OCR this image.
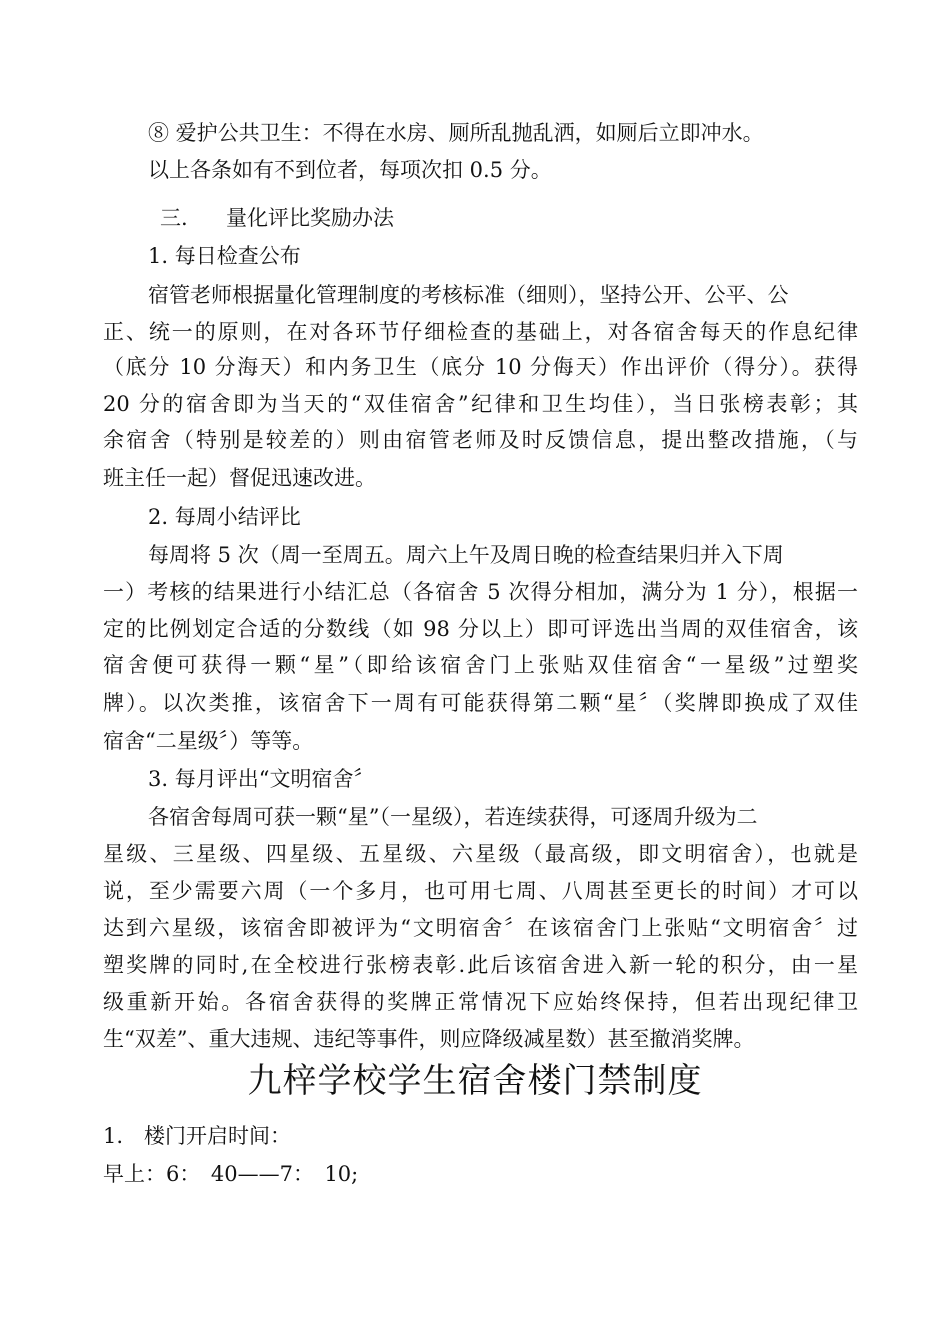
⑧ 爱护公共卫生：不得在水房、厕所乱抛乱洒，如厕后立即冲水。
以上各条如有不到位者，每项次扣 0.5 分。
三. 量化评比奖励办法
1. 每日检查公布
宿管老师根据量化管理制度的考核标准（细则），坚持公开、公平、公
正、统一的原则，在对各环节仔细检查的基础上，对各宿舍每天的作息纪律
（底分 10 分海天）和内务卫生（底分 10 分侮天）作出评价（得分）。获得
20 分的宿舍即为当天的“双佳宿舍”纪律和卫生均佳），当日张榜表彰；其
余宿舍（特别是较差的）则由宿管老师及时反馈信息，提出整改措施，（与
班主任一起）督促迅速改进。
2. 每周小结评比
每周将 5 次（周一至周五。周六上午及周日晚的检查结果归并入下周
一）考核的结果进行小结汇总（各宿舍 5 次得分相加，满分为 1 分），根据一
定的比例划定合适的分数线（如 98 分以上）即可评选出当周的双佳宿舍，该
宿舍便可获得一颗“星”（即给该宿舍门上张贴双佳宿舍“一星级”过塑奖
牌）。以次类推，该宿舍下一周有可能获得第二颗“星〞（奖牌即换成了双佳
宿舍“二星级〞）等等。
3. 每月评出“文明宿舍〞
各宿舍每周可获一颗“星”（一星级），若连续获得，可逐周升级为二
星级、三星级、四星级、五星级、六星级（最高级，即文明宿舍），也就是
说，至少需要六周（一个多月，也可用七周、八周甚至更长的时间）才可以
达到六星级，该宿舍即被评为“文明宿舍〞在该宿舍门上张贴“文明宿舍〞过
塑奖牌的同时,在全校进行张榜表彰.此后该宿舍进入新一轮的积分，由一星
级重新开始。各宿舍获得的奖牌正常情况下应始终保持，但若出现纪律卫
生“双差”、重大违规、违纪等事件，则应降级减星数）甚至撤消奖牌。
九梓学校学生宿舍楼门禁制度
1.　楼门开启时间：
早上：6：　40——7：　10;
